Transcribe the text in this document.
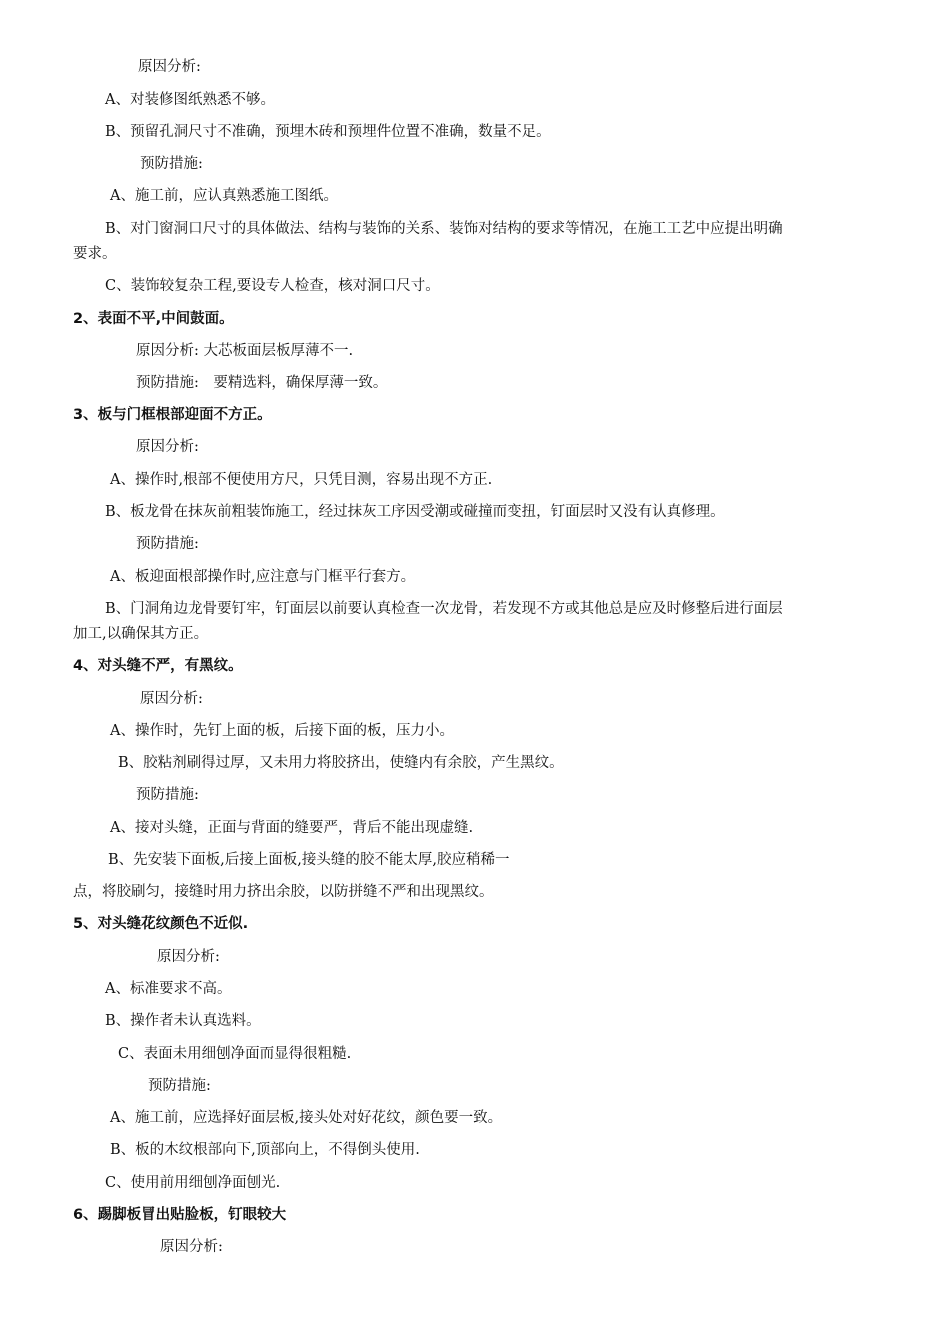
原因分析:
A、对装修图纸熟悉不够。
B、预留孔洞尺寸不准确，预埋木砖和预埋件位置不准确，数量不足。
预防措施:
A、施工前，应认真熟悉施工图纸。
B、对门窗洞口尺寸的具体做法、结构与装饰的关系、装饰对结构的要求等情况，在施工工艺中应提出明确
要求。
C、装饰较复杂工程,要设专人检查，核对洞口尺寸。
2、表面不平,中间鼓面。
原因分析: 大芯板面层板厚薄不一.
预防措施:　要精选料，确保厚薄一致。
3、板与门框根部迎面不方正。
原因分析:
A、操作时,根部不便使用方尺，只凭目测，容易出现不方正.
B、板龙骨在抹灰前粗装饰施工，经过抹灰工序因受潮或碰撞而变扭，钉面层时又没有认真修理。
预防措施:
A、板迎面根部操作时,应注意与门框平行套方。
B、门洞角边龙骨要钉牢，钉面层以前要认真检查一次龙骨，若发现不方或其他总是应及时修整后进行面层
加工,以确保其方正。
4、对头缝不严，有黑纹。
原因分析:
A、操作时，先钉上面的板，后接下面的板，压力小。
B、胶粘剂刷得过厚，又未用力将胶挤出，使缝内有余胶，产生黑纹。
预防措施:
A、接对头缝，正面与背面的缝要严，背后不能出现虚缝.
B、先安装下面板,后接上面板,接头缝的胶不能太厚,胶应稍稀一
点，将胶刷匀，接缝时用力挤出余胶，以防拼缝不严和出现黑纹。
5、对头缝花纹颜色不近似.
原因分析:
A、标准要求不高。
B、操作者未认真选料。
C、表面未用细刨净面而显得很粗糙.
预防措施:
A、施工前，应选择好面层板,接头处对好花纹，颜色要一致。
B、板的木纹根部向下,顶部向上，不得倒头使用.
C、使用前用细刨净面刨光.
6、踢脚板冒出贴脸板，钉眼较大
原因分析:
